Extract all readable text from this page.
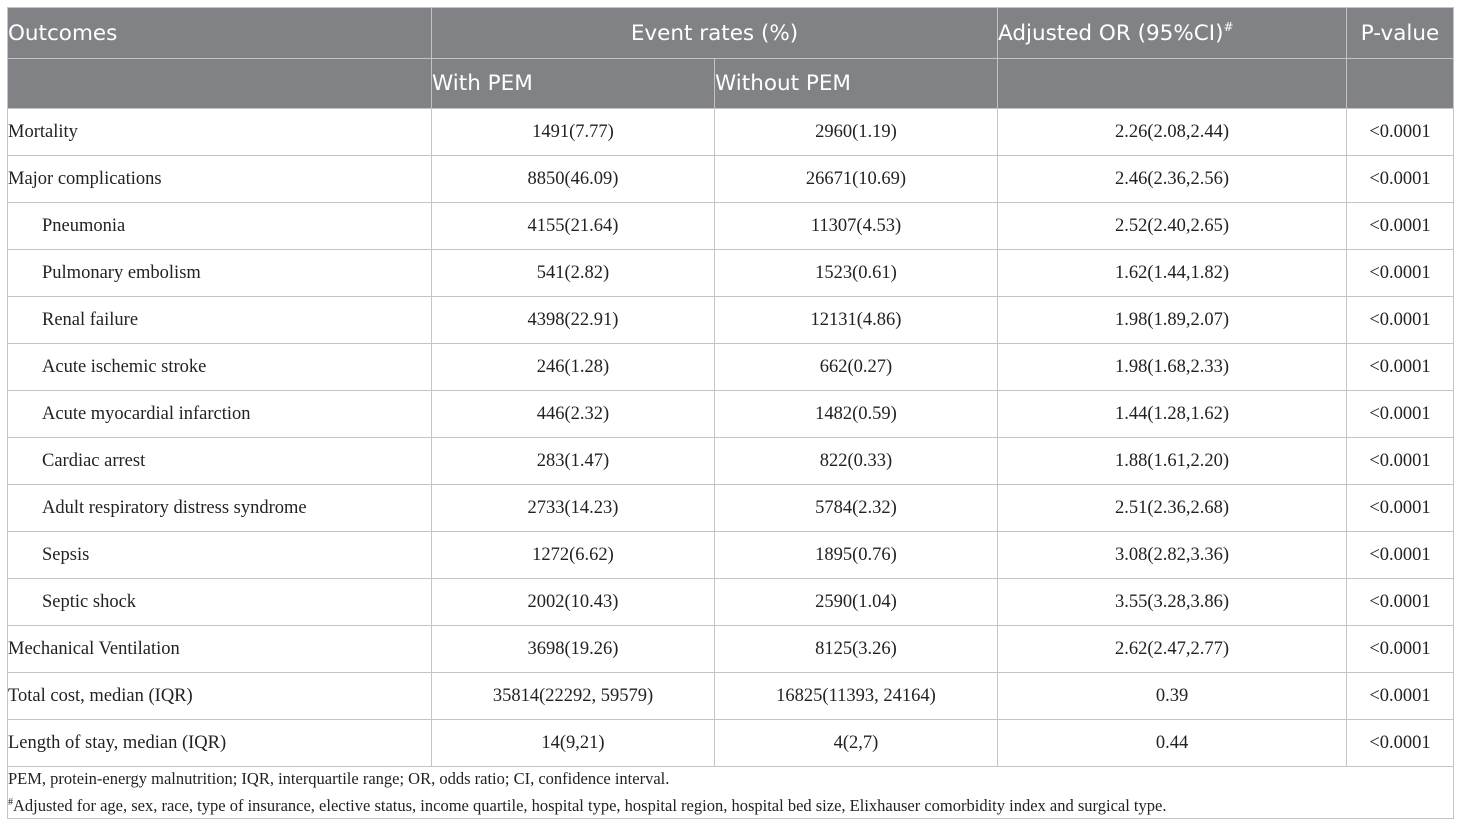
Outcomes	Event rates (%)		Adjusted OR (95%CI)#	P-value
	With PEM	Without PEM		
Mortality	1491(7.77)	2960(1.19)	2.26(2.08,2.44)	<0.0001
Major complications	8850(46.09)	26671(10.69)	2.46(2.36,2.56)	<0.0001
Pneumonia	4155(21.64)	11307(4.53)	2.52(2.40,2.65)	<0.0001
Pulmonary embolism	541(2.82)	1523(0.61)	1.62(1.44,1.82)	<0.0001
Renal failure	4398(22.91)	12131(4.86)	1.98(1.89,2.07)	<0.0001
Acute ischemic stroke	246(1.28)	662(0.27)	1.98(1.68,2.33)	<0.0001
Acute myocardial infarction	446(2.32)	1482(0.59)	1.44(1.28,1.62)	<0.0001
Cardiac arrest	283(1.47)	822(0.33)	1.88(1.61,2.20)	<0.0001
Adult respiratory distress syndrome	2733(14.23)	5784(2.32)	2.51(2.36,2.68)	<0.0001
Sepsis	1272(6.62)	1895(0.76)	3.08(2.82,3.36)	<0.0001
Septic shock	2002(10.43)	2590(1.04)	3.55(3.28,3.86)	<0.0001
Mechanical Ventilation	3698(19.26)	8125(3.26)	2.62(2.47,2.77)	<0.0001
Total cost, median (IQR)	35814(22292, 59579)	16825(11393, 24164)	0.39	<0.0001
Length of stay, median (IQR)	14(9,21)	4(2,7)	0.44	<0.0001

PEM, protein-energy malnutrition; IQR, interquartile range; OR, odds ratio; CI, confidence interval.
#Adjusted for age, sex, race, type of insurance, elective status, income quartile, hospital type, hospital region, hospital bed size, Elixhauser comorbidity index and surgical type.				
